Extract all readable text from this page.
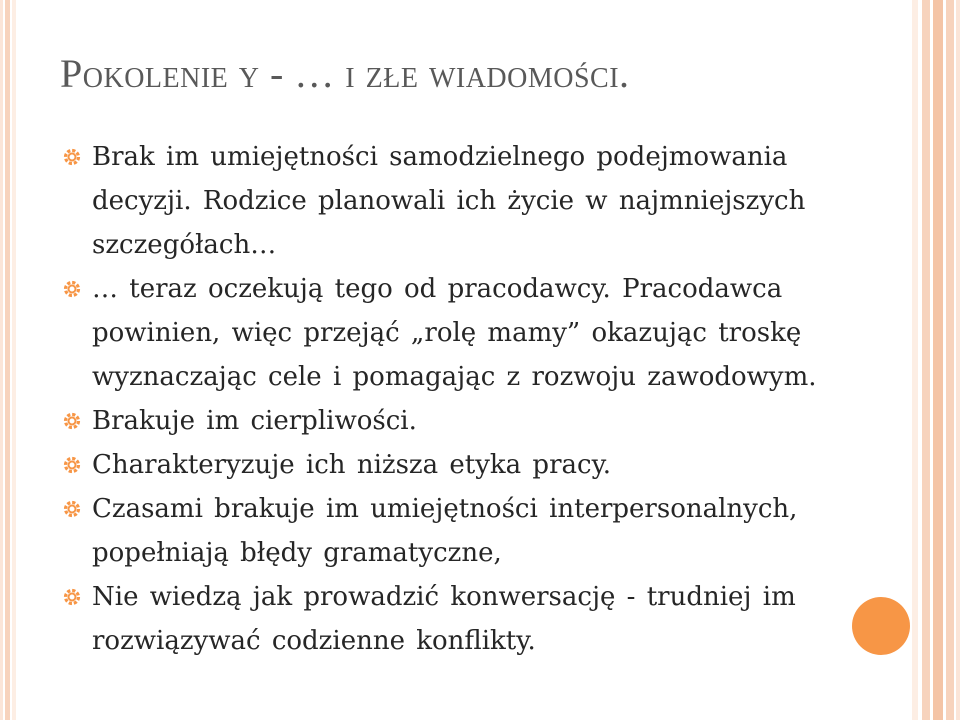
Pokolenie y - … i złe wiadomości.
Brak im umiejętności samodzielnego podejmowania decyzji. Rodzice planowali ich życie w najmniejszych szczegółach…
… teraz oczekują tego od pracodawcy. Pracodawca powinien, więc przejąć „rolę mamy” okazując troskę wyznaczając cele i pomagając z rozwoju zawodowym.
Brakuje im cierpliwości.
Charakteryzuje ich niższa etyka pracy.
Czasami brakuje im umiejętności interpersonalnych, popełniają błędy gramatyczne,
Nie wiedzą jak prowadzić konwersację - trudniej im rozwiązywać codzienne konflikty.
